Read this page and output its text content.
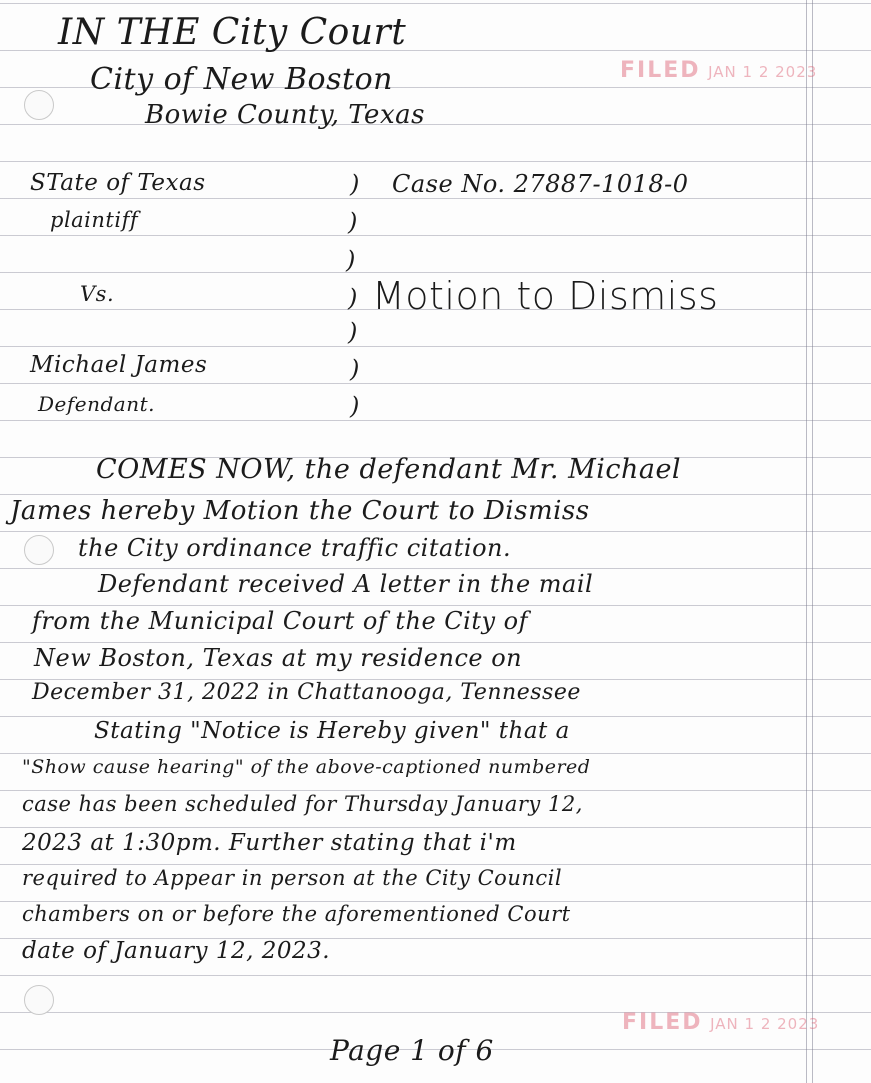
IN THE City Court
City of New Boston
Bowie County, Texas
STate of Texas
plaintiff
Vs.
Michael James
Defendant.
)
)
)
)
)
)
)
Case No. 27887-1018-0
Motion to Dismiss
COMES NOW, the defendant Mr. Michael
James hereby Motion the Court to Dismiss
the City ordinance traffic citation.
Defendant received A letter in the mail
from the Municipal Court of the City of
New Boston, Texas at my residence on
December 31, 2022 in Chattanooga, Tennessee
Stating "Notice is Hereby given" that a
"Show cause hearing" of the above-captioned numbered
case has been scheduled for Thursday January 12,
2023 at 1:30pm. Further stating that i'm
required to Appear in person at the City Council
chambers on or before the aforementioned Court
date of January 12, 2023.
Page 1 of 6
FILED JAN 1 2 2023
FILED JAN 1 2 2023
